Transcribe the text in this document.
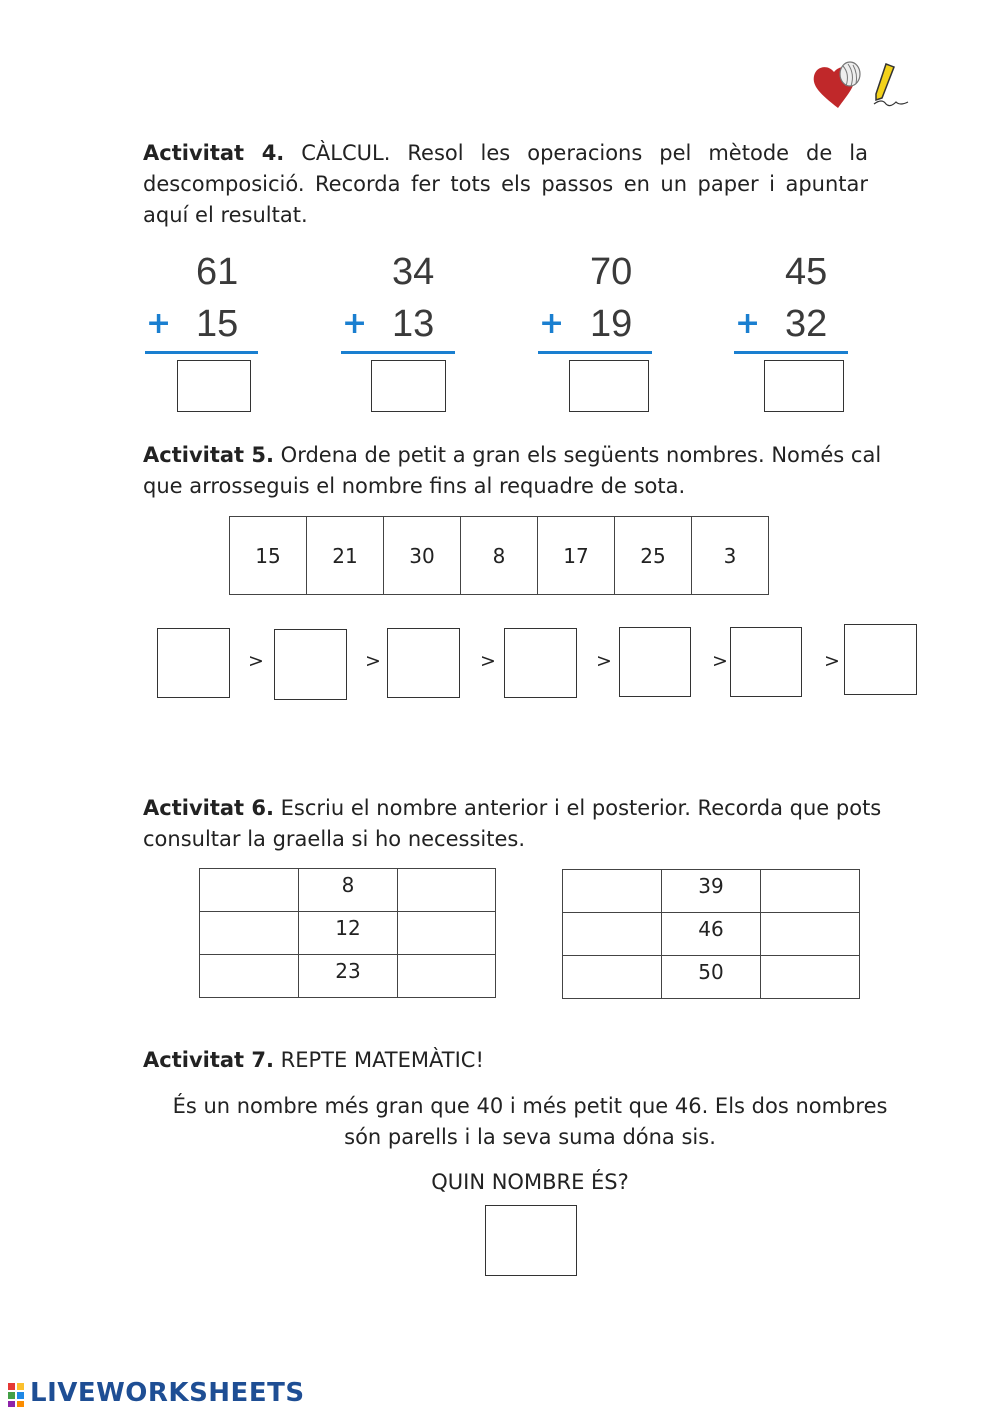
Activitat 4. CÀLCUL. Resol les operacions pel mètode de la descomposició. Recorda fer tots els passos en un paper i apuntar aquí el resultat.
61
+ 15
34
+ 13
70
+ 19
45
+ 32
Activitat 5. Ordena de petit a gran els següents nombres. Només cal que arrosseguis el nombre fins al requadre de sota.
15	21	30	8	17	25	3
>	>	>	>	>	>
Activitat 6. Escriu el nombre anterior i el posterior. Recorda que pots consultar la graella si ho necessites.
	8	
	12	
	23	
	39	
	46	
	50	
Activitat 7. REPTE MATEMÀTIC!
És un nombre més gran que 40 i més petit que 46. Els dos nombres
són parells i la seva suma dóna sis.
QUIN NOMBRE ÉS?
LIVEWORKSHEETS
